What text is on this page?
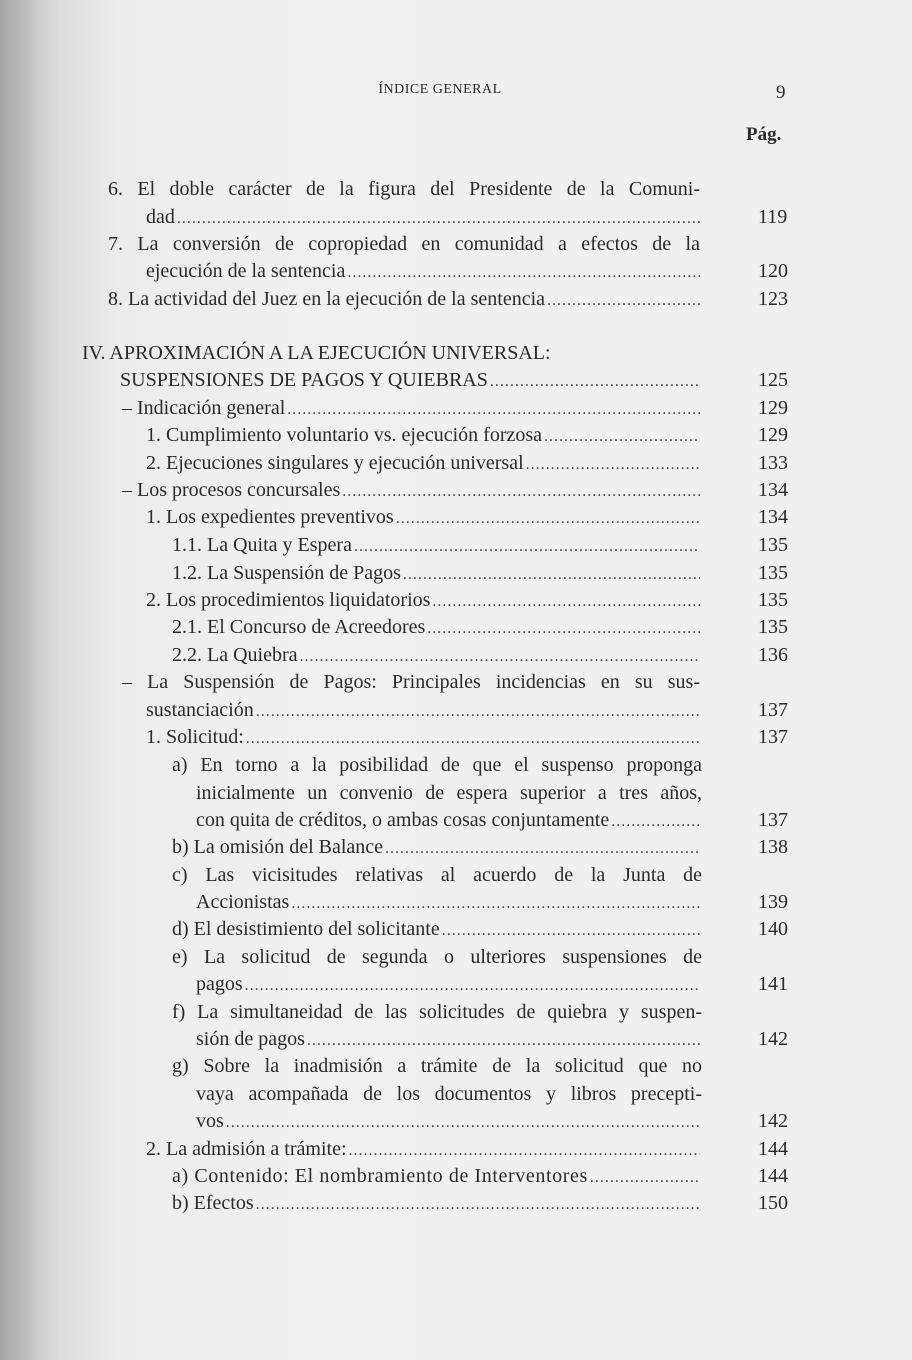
ÍNDICE GENERAL	9
Pág.
6. El doble carácter de la figura del Presidente de la Comuni-
dad .....	119
7. La conversión de copropiedad en comunidad a efectos de la
ejecución de la sentencia .....	120
8. La actividad del Juez en la ejecución de la sentencia .....	123
IV. APROXIMACIÓN A LA EJECUCIÓN UNIVERSAL:
SUSPENSIONES DE PAGOS Y QUIEBRAS .....	125
– Indicación general .....	129
1. Cumplimiento voluntario vs. ejecución forzosa .....	129
2. Ejecuciones singulares y ejecución universal .....	133
– Los procesos concursales .....	134
1. Los expedientes preventivos .....	134
1.1. La Quita y Espera .....	135
1.2. La Suspensión de Pagos .....	135
2. Los procedimientos liquidatorios .....	135
2.1. El Concurso de Acreedores .....	135
2.2. La Quiebra .....	136
– La Suspensión de Pagos: Principales incidencias en su sus-
sustanciación .....	137
1. Solicitud: .....	137
a) En torno a la posibilidad de que el suspenso proponga
inicialmente un convenio de espera superior a tres años,
con quita de créditos, o ambas cosas conjuntamente .....	137
b) La omisión del Balance .....	138
c) Las vicisitudes relativas al acuerdo de la Junta de
Accionistas .....	139
d) El desistimiento del solicitante .....	140
e) La solicitud de segunda o ulteriores suspensiones de
pagos .....	141
f) La simultaneidad de las solicitudes de quiebra y suspen-
sión de pagos .....	142
g) Sobre la inadmisión a trámite de la solicitud que no
vaya acompañada de los documentos y libros precepti-
vos .....	142
2. La admisión a trámite: .....	144
a) Contenido: El nombramiento de Interventores .....	144
b) Efectos .....	150
